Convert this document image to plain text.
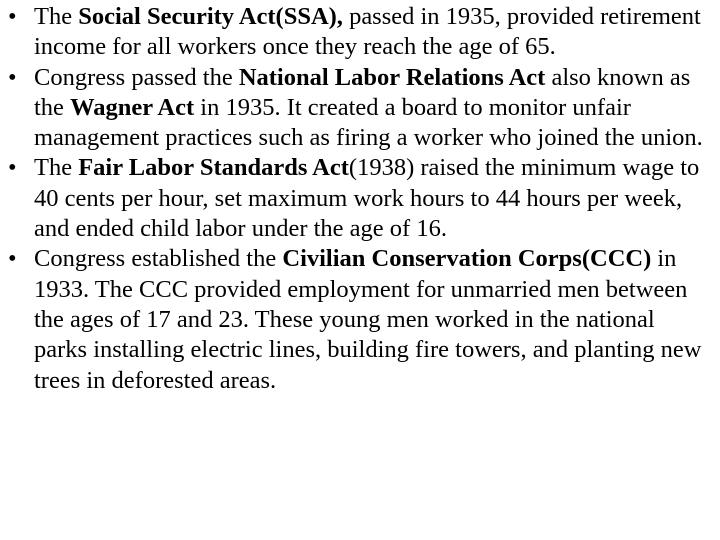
• The Social Security Act(SSA), passed in 1935, provided retirement income for all workers once they reach the age of 65.
• Congress passed the National Labor Relations Act also known as the Wagner Act in 1935. It created a board to monitor unfair management practices such as firing a worker who joined the union.
• The Fair Labor Standards Act(1938) raised the minimum wage to 40 cents per hour, set maximum work hours to 44 hours per week, and ended child labor under the age of 16.
• Congress established the Civilian Conservation Corps(CCC) in 1933. The CCC provided employment for unmarried men between the ages of 17 and 23. These young men worked in the national parks installing electric lines, building fire towers, and planting new trees in deforested areas.
